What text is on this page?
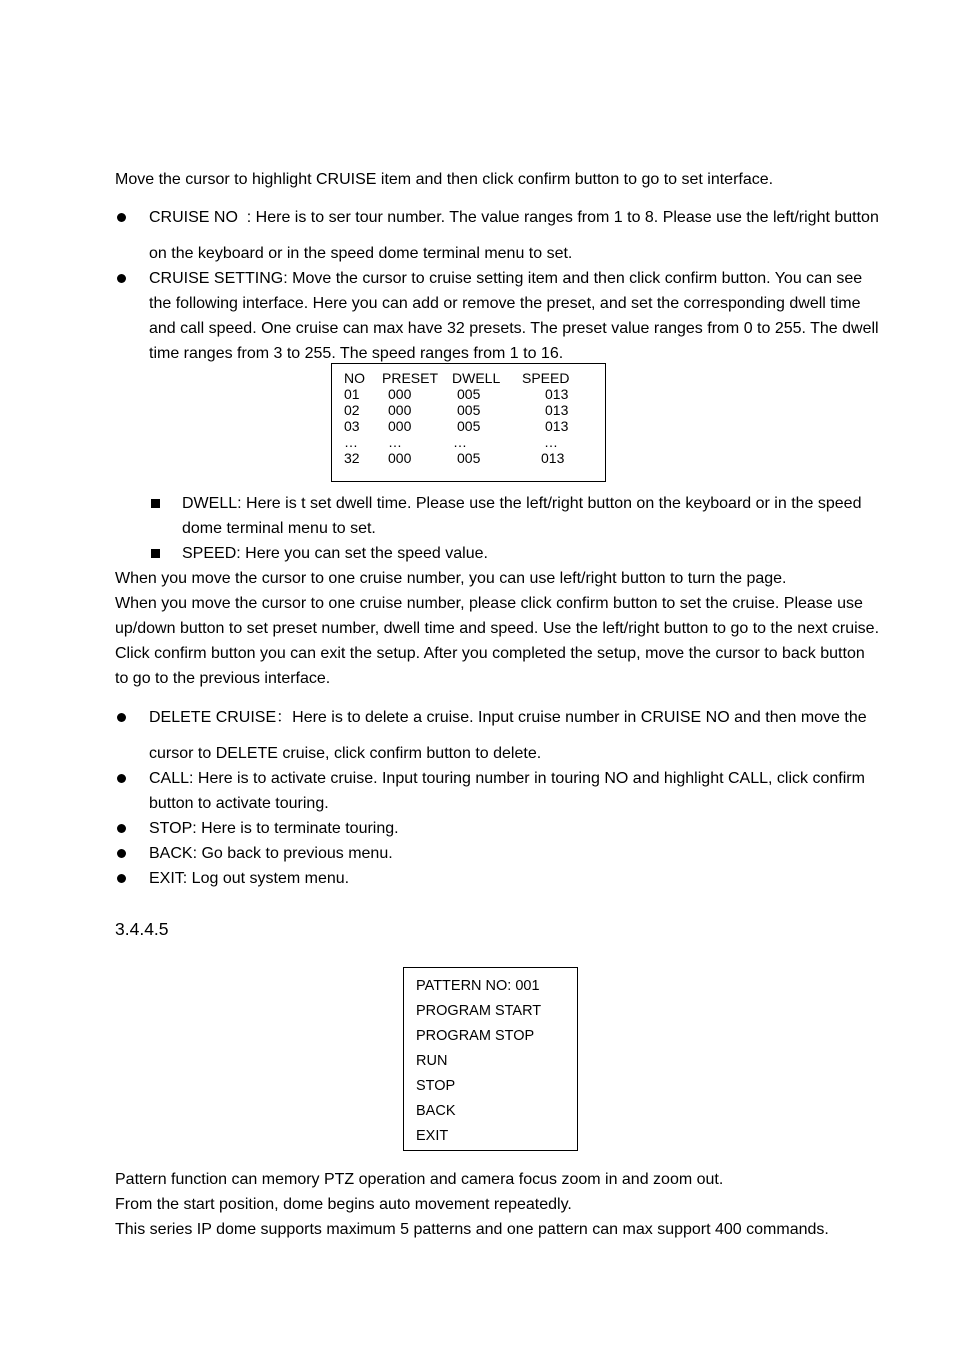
Move the cursor to highlight CRUISE item and then click confirm button to go to set interface.
CRUISE NO  : Here is to ser tour number. The value ranges from 1 to 8. Please use the left/right button
on the keyboard or in the speed dome terminal menu to set.
CRUISE SETTING: Move the cursor to cruise setting item and then click confirm button. You can see
the following interface. Here you can add or remove the preset, and set the corresponding dwell time
and call speed. One cruise can max have 32 presets. The preset value ranges from 0 to 255. The dwell
NO PRESET DWELL SPEED
01 000	005	013
02 000	005	013
03 000	005	013
… …	…	…
32 000	005	013
time ranges from 3 to 255. The speed ranges from 1 to 16.
DWELL: Here is t set dwell time. Please use the left/right button on the keyboard or in the speed
dome terminal menu to set.
SPEED: Here you can set the speed value.
When you move the cursor to one cruise number, you can use left/right button to turn the page.
When you move the cursor to one cruise number, please click confirm button to set the cruise. Please use
up/down button to set preset number, dwell time and speed. Use the left/right button to go to the next cruise.
Click confirm button you can exit the setup. After you completed the setup, move the cursor to back button
to go to the previous interface.
DELETE CRUISE：Here is to delete a cruise. Input cruise number in CRUISE NO and then move the
cursor to DELETE cruise, click confirm button to delete.
CALL: Here is to activate cruise. Input touring number in touring NO and highlight CALL, click confirm
button to activate touring.
STOP: Here is to terminate touring.
BACK: Go back to previous menu.
EXIT: Log out system menu.
3.4.4.5
PATTERN NO: 001
PROGRAM START
PROGRAM STOP
RUN
STOP
BACK
EXIT
Pattern function can memory PTZ operation and camera focus zoom in and zoom out.
From the start position, dome begins auto movement repeatedly.
This series IP dome supports maximum 5 patterns and one pattern can max support 400 commands.
